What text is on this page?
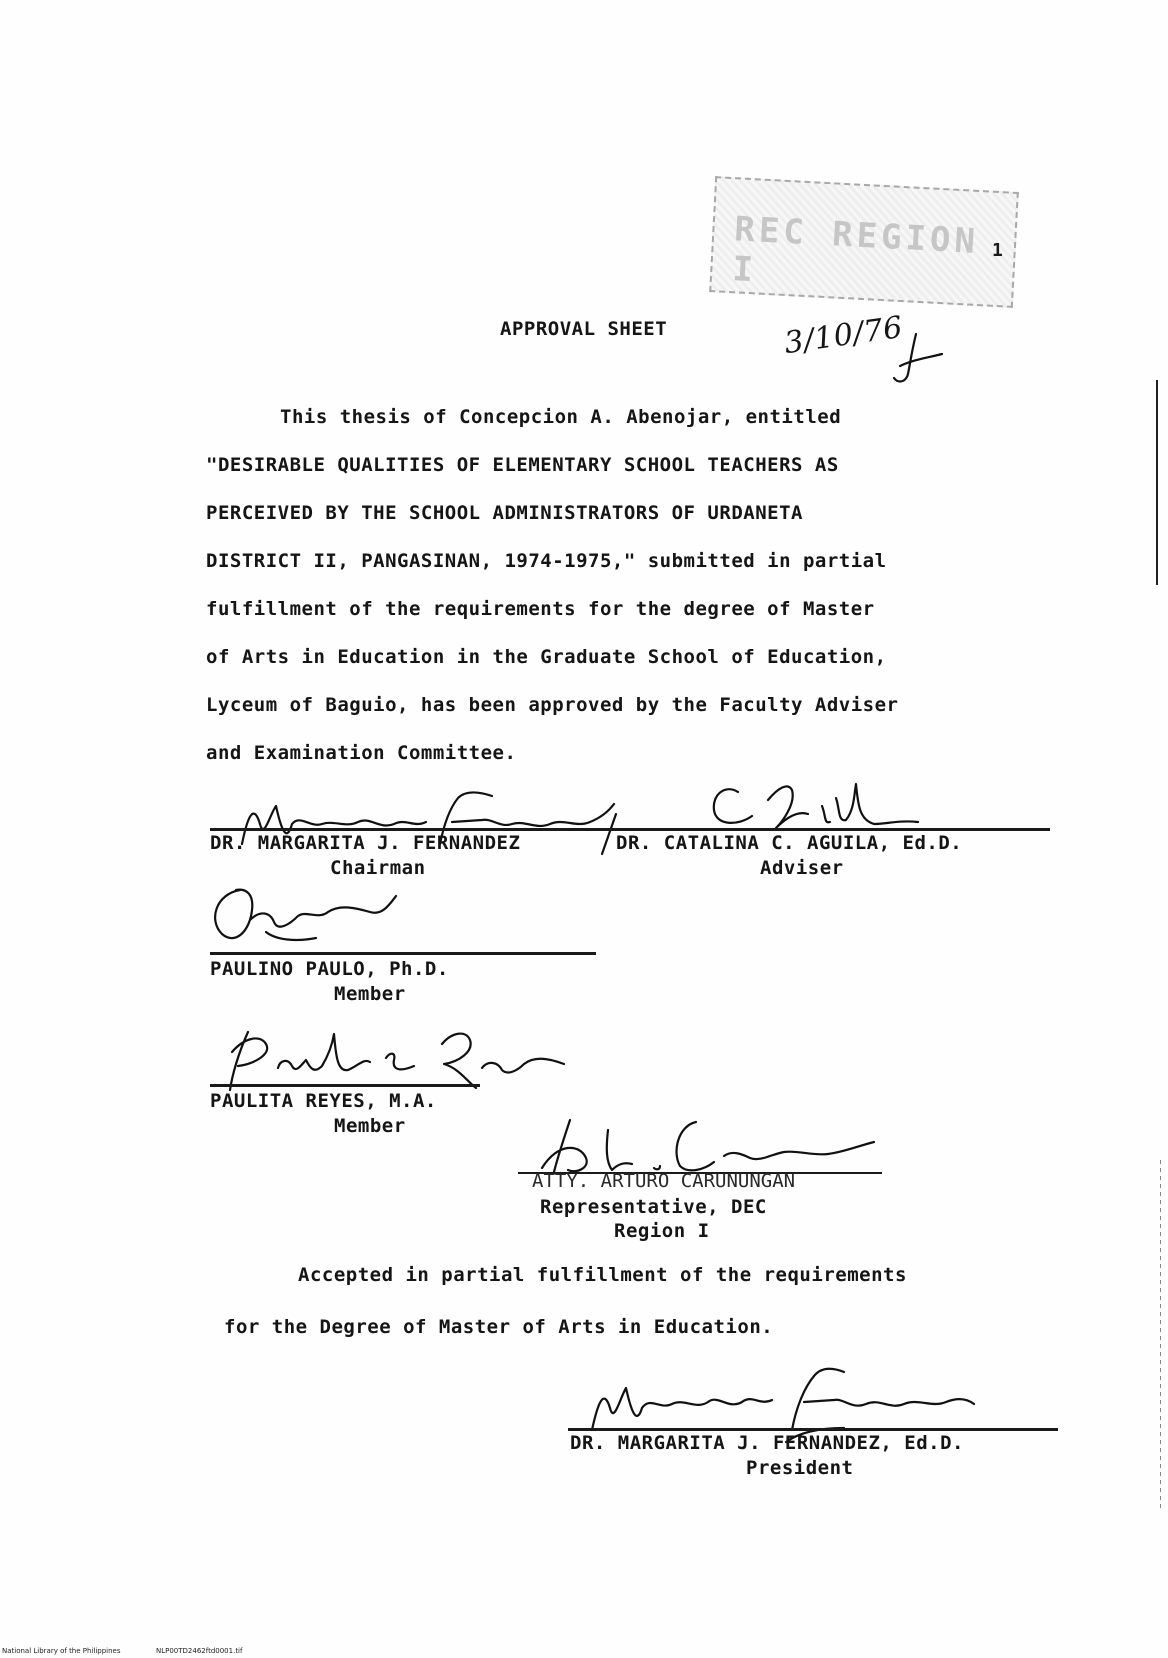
REC REGION I	1
3/10/76
APPROVAL SHEET
This thesis of Concepcion A. Abenojar, entitled
"DESIRABLE QUALITIES OF ELEMENTARY SCHOOL TEACHERS AS
PERCEIVED BY THE SCHOOL ADMINISTRATORS OF URDANETA
DISTRICT II, PANGASINAN, 1974-1975," submitted in partial
fulfillment of the requirements for the degree of Master
of Arts in Education in the Graduate School of Education,
Lyceum of Baguio, has been approved by the Faculty Adviser
and Examination Committee.
DR. MARGARITA J. FERNANDEZ
Chairman
DR. CATALINA C. AGUILA, Ed.D.
Adviser
PAULINO PAULO, Ph.D.
Member
PAULITA REYES, M.A.
Member
ATTY. ARTURO CARUNUNGAN
Representative, DEC
Region I
Accepted in partial fulfillment of the requirements
for the Degree of Master of Arts in Education.
DR. MARGARITA J. FERNANDEZ, Ed.D.
President
National Library of the Philippines	NLP00TD2462ftd0001.tif
